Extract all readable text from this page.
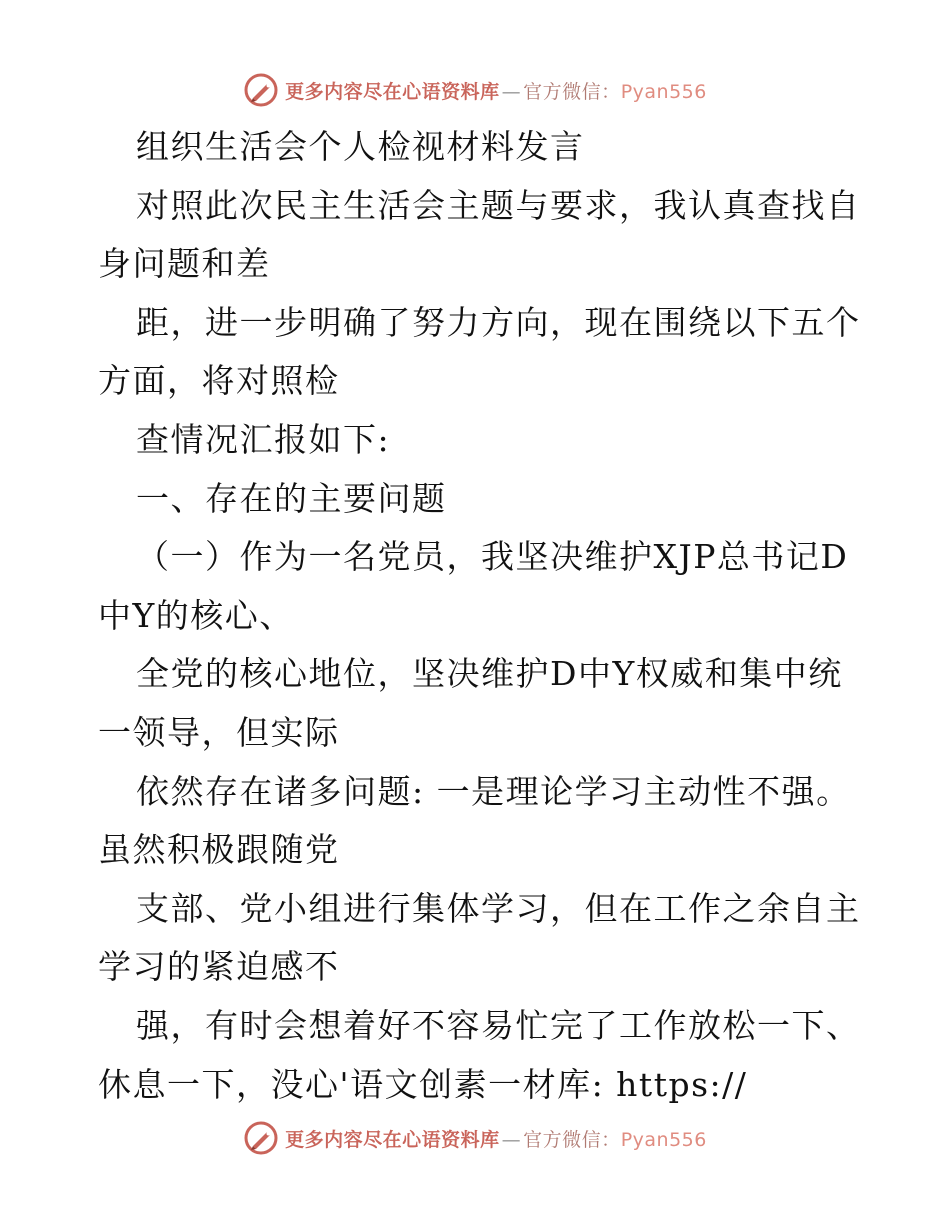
更多内容尽在心语资料库 — 官方微信：Pyan556
组织生活会个人检视材料发言
对照此次民主生活会主题与要求，我认真查找自
身问题和差
距，进一步明确了努力方向，现在围绕以下五个
方面，将对照检
查情况汇报如下:
一、存在的主要问题
（一）作为一名党员，我坚决维护XJP总书记D
中Y的核心、
全党的核心地位，坚决维护D中Y权威和集中统
一领导，但实际
依然存在诸多问题: 一是理论学习主动性不强。
虽然积极跟随党
支部、党小组进行集体学习，但在工作之余自主
学习的紧迫感不
强，有时会想着好不容易忙完了工作放松一下、
休息一下，没心'语文创素一材库: https://
更多内容尽在心语资料库 — 官方微信：Pyan556
